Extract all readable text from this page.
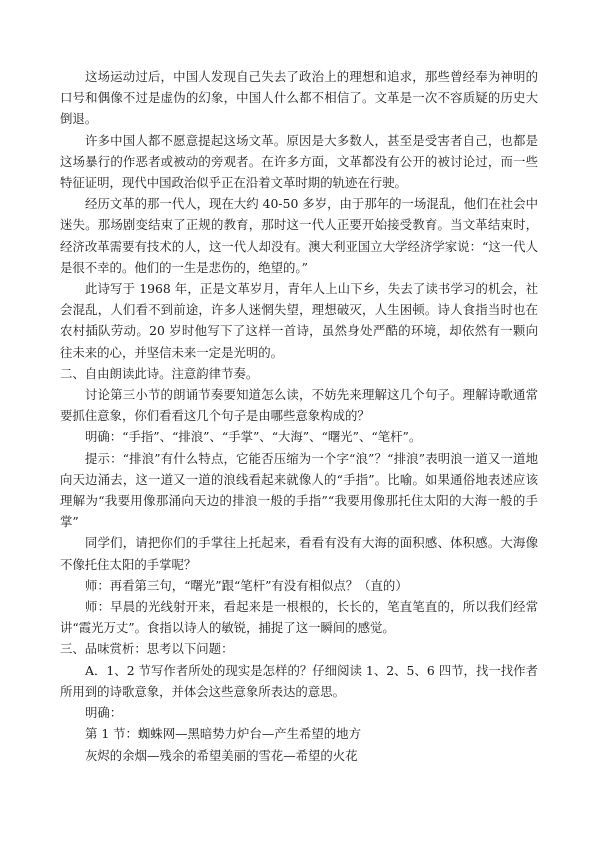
这场运动过后，中国人发现自己失去了政治上的理想和追求，那些曾经奉为神明的口号和偶像不过是虚伪的幻象，中国人什么都不相信了。文革是一次不容质疑的历史大倒退。

许多中国人都不愿意提起这场文革。原因是大多数人，甚至是受害者自己，也都是这场暴行的作恶者或被动的旁观者。在许多方面，文革都没有公开的被讨论过，而一些特征证明，现代中国政治似乎正在沿着文革时期的轨迹在行驶。

经历文革的那一代人，现在大约 40-50 多岁，由于那年的一场混乱，他们在社会中迷失。那场剧变结束了正规的教育，那时这一代人正要开始接受教育。当文革结束时，经济改革需要有技术的人，这一代人却没有。澳大利亚国立大学经济学家说：“这一代人是很不幸的。他们的一生是悲伤的，绝望的。”

此诗写于 1968 年，正是文革岁月，青年人上山下乡，失去了读书学习的机会，社会混乱，人们看不到前途，许多人迷惘失望，理想破灭，人生困顿。诗人食指当时也在农村插队劳动。20 岁时他写下了这样一首诗，虽然身处严酷的环境，却依然有一颗向往未来的心，并坚信未来一定是光明的。

二、自由朗读此诗。注意韵律节奏。

讨论第三小节的朗诵节奏要知道怎么读，不妨先来理解这几个句子。理解诗歌通常要抓住意象，你们看看这几个句子是由哪些意象构成的？

明确：“手指”、“排浪”、“手掌”、“大海”、“曙光”、“笔杆”。

提示：“排浪”有什么特点，它能否压缩为一个字“浪”？“排浪”表明浪一道又一道地向天边涌去，这一道又一道的浪线看起来就像人的“手指”。比喻。如果通俗地表述应该理解为“我要用像那涌向天边的排浪一般的手指”“我要用像那托住太阳的大海一般的手掌”

同学们，请把你们的手掌往上托起来，看看有没有大海的面积感、体积感。大海像不像托住太阳的手掌呢？

师：再看第三句，“曙光”跟“笔杆”有没有相似点？（直的）

师：早晨的光线射开来，看起来是一根根的，长长的，笔直笔直的，所以我们经常讲“霞光万丈”。食指以诗人的敏锐，捕捉了这一瞬间的感觉。

三、品味赏析：思考以下问题：

A．1、2 节写作者所处的现实是怎样的？仔细阅读 1、2、5、6 四节，找一找作者所用到的诗歌意象，并体会这些意象所表达的意思。

明确：

第 1 节：蜘蛛网—黑暗势力炉台—产生希望的地方

灰烬的余烟—残余的希望美丽的雪花—希望的火花
